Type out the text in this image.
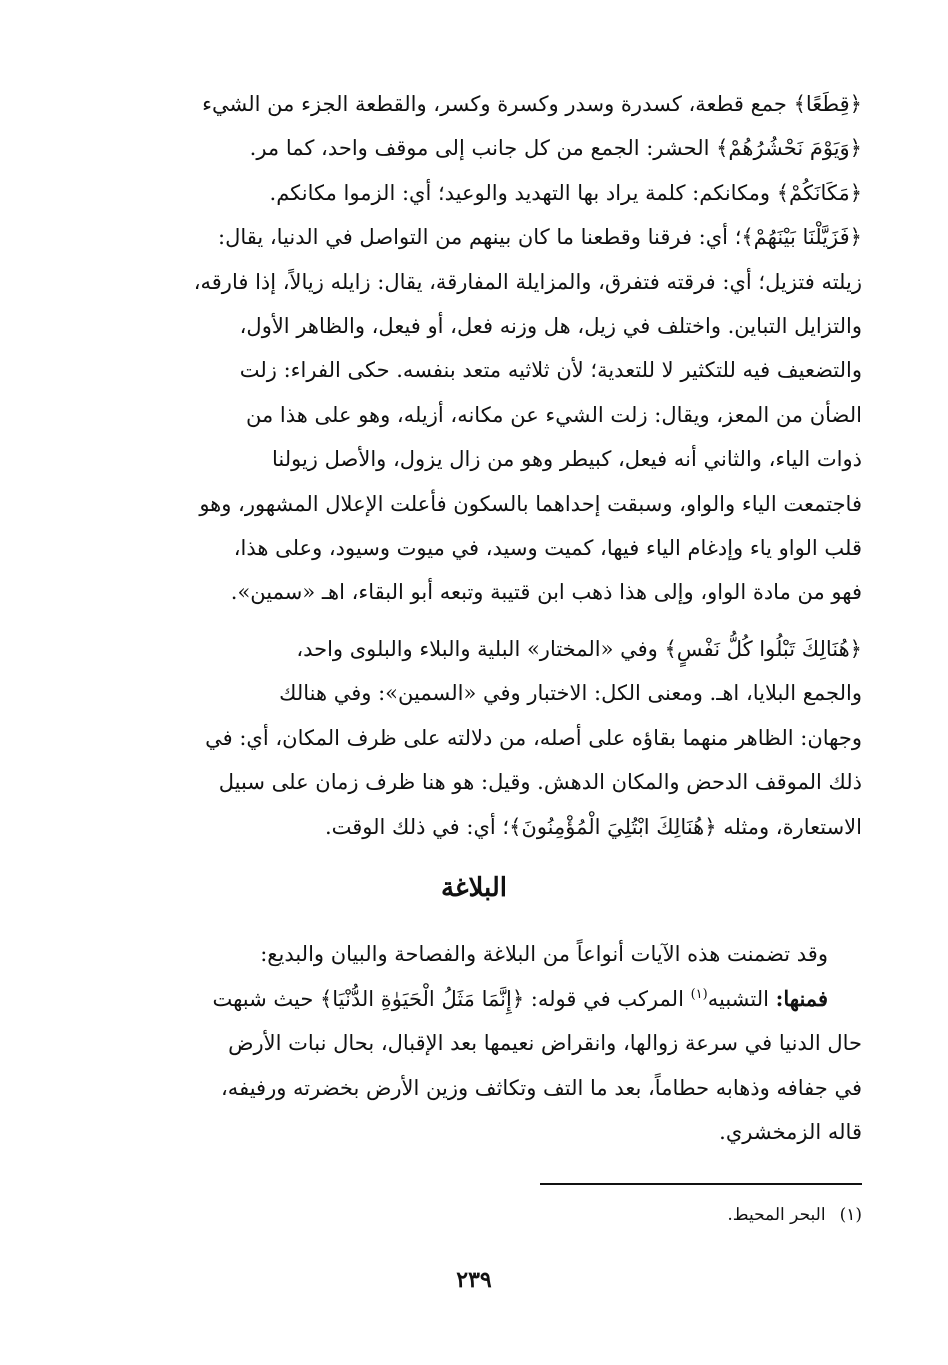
﴿قِطَعًا﴾ جمع قطعة، كسدرة وسدر وكسرة وكسر، والقطعة الجزء من الشيء
﴿وَيَوْمَ نَحْشُرُهُمْ﴾ الحشر: الجمع من كل جانب إلى موقف واحد، كما مر.
﴿مَكَانَكُمْ﴾ ومكانكم: كلمة يراد بها التهديد والوعيد؛ أي: الزموا مكانكم.
﴿فَزَيَّلْنَا بَيْنَهُمْ﴾؛ أي: فرقنا وقطعنا ما كان بينهم من التواصل في الدنيا، يقال:
زيلته فتزيل؛ أي: فرقته فتفرق، والمزايلة المفارقة، يقال: زايله زيالاً، إذا فارقه،
والتزايل التباين. واختلف في زيل، هل وزنه فعل، أو فيعل، والظاهر الأول،
والتضعيف فيه للتكثير لا للتعدية؛ لأن ثلاثيه متعد بنفسه. حكى الفراء: زلت
الضأن من المعز، ويقال: زلت الشيء عن مكانه، أزيله، وهو على هذا من
ذوات الياء، والثاني أنه فيعل، كبيطر وهو من زال يزول، والأصل زيولنا
فاجتمعت الياء والواو، وسبقت إحداهما بالسكون فأعلت الإعلال المشهور، وهو
قلب الواو ياء وإدغام الياء فيها، كميت وسيد، في ميوت وسيود، وعلى هذا،
فهو من مادة الواو، وإلى هذا ذهب ابن قتيبة وتبعه أبو البقاء، اهـ «سمين».
﴿هُنَالِكَ تَبْلُوا كُلُّ نَفْسٍ﴾ وفي «المختار» البلية والبلاء والبلوى واحد،
والجمع البلايا، اهـ. ومعنى الكل: الاختبار وفي «السمين»: وفي هنالك
وجهان: الظاهر منهما بقاؤه على أصله، من دلالته على ظرف المكان، أي: في
ذلك الموقف الدحض والمكان الدهش. وقيل: هو هنا ظرف زمان على سبيل
الاستعارة، ومثله ﴿هُنَالِكَ ابْتُلِيَ الْمُؤْمِنُونَ﴾؛ أي: في ذلك الوقت.
البلاغة
وقد تضمنت هذه الآيات أنواعاً من البلاغة والفصاحة والبيان والبديع:
فمنها: التشبيه$^{(١)}$ المركب في قوله: ﴿إِنَّمَا مَثَلُ الْحَيَوٰةِ الدُّنْيَا﴾ حيث شبهت
حال الدنيا في سرعة زوالها، وانقراض نعيمها بعد الإقبال، بحال نبات الأرض
في جفافه وذهابه حطاماً، بعد ما التف وتكاثف وزين الأرض بخضرته ورفيفه،
قاله الزمخشري.
(١)البحر المحيط.
٢٣٩
